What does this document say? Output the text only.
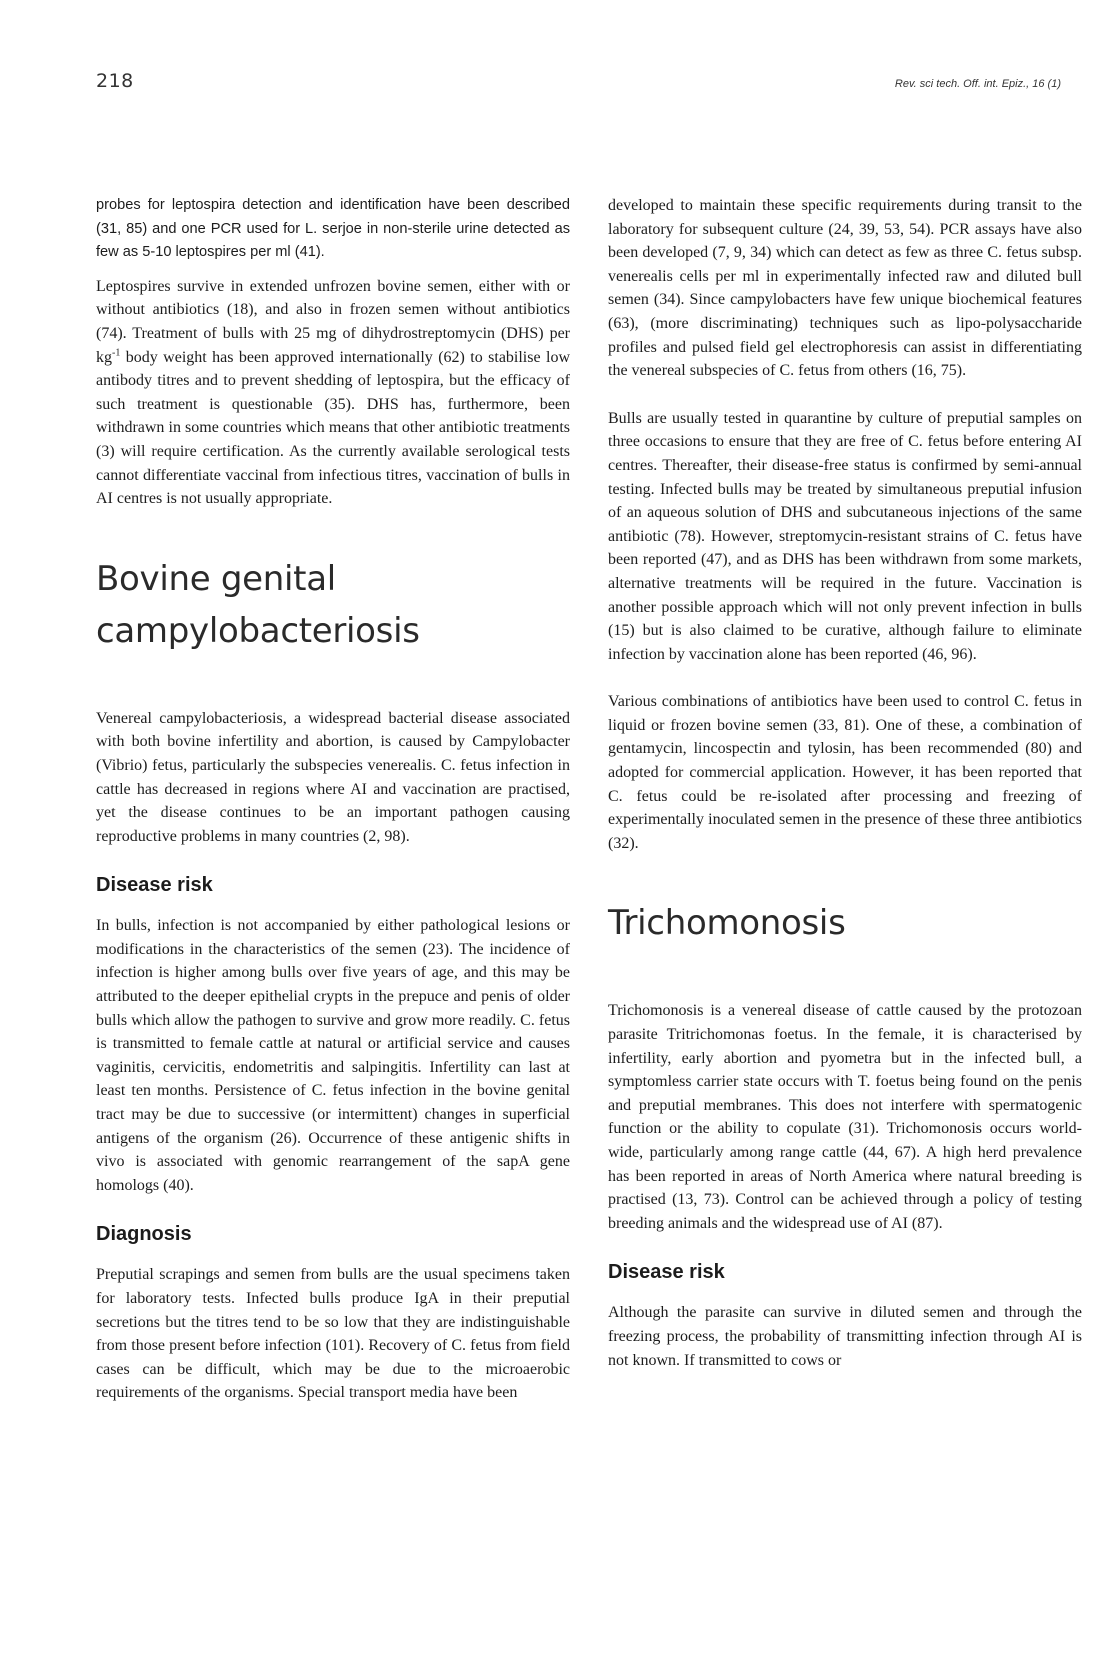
218	Rev. sci tech. Off. int. Epiz., 16 (1)

probes for leptospira detection and identification have been described (31, 85) and one PCR used for L. serjoe in non-sterile urine detected as few as 5-10 leptospires per ml (41).

Leptospires survive in extended unfrozen bovine semen, either with or without antibiotics (18), and also in frozen semen without antibiotics (74). Treatment of bulls with 25 mg of dihydrostreptomycin (DHS) per $kg^{-1}$ body weight has been approved internationally (62) to stabilise low antibody titres and to prevent shedding of leptospira, but the efficacy of such treatment is questionable (35). DHS has, furthermore, been withdrawn in some countries which means that other antibiotic treatments (3) will require certification. As the currently available serological tests cannot differentiate vaccinal from infectious titres, vaccination of bulls in AI centres is not usually appropriate.

Bovine genital campylobacteriosis

Venereal campylobacteriosis, a widespread bacterial disease associated with both bovine infertility and abortion, is caused by Campylobacter (Vibrio) fetus, particularly the subspecies venerealis. C. fetus infection in cattle has decreased in regions where AI and vaccination are practised, yet the disease continues to be an important pathogen causing reproductive problems in many countries (2, 98).

Disease risk

In bulls, infection is not accompanied by either pathological lesions or modifications in the characteristics of the semen (23). The incidence of infection is higher among bulls over five years of age, and this may be attributed to the deeper epithelial crypts in the prepuce and penis of older bulls which allow the pathogen to survive and grow more readily. C. fetus is transmitted to female cattle at natural or artificial service and causes vaginitis, cervicitis, endometritis and salpingitis. Infertility can last at least ten months. Persistence of C. fetus infection in the bovine genital tract may be due to successive (or intermittent) changes in superficial antigens of the organism (26). Occurrence of these antigenic shifts in vivo is associated with genomic rearrangement of the sapA gene homologs (40).

Diagnosis

Preputial scrapings and semen from bulls are the usual specimens taken for laboratory tests. Infected bulls produce IgA in their preputial secretions but the titres tend to be so low that they are indistinguishable from those present before infection (101). Recovery of C. fetus from field cases can be difficult, which may be due to the microaerobic requirements of the organisms. Special transport media have been

developed to maintain these specific requirements during transit to the laboratory for subsequent culture (24, 39, 53, 54). PCR assays have also been developed (7, 9, 34) which can detect as few as three C. fetus subsp. venerealis cells per ml in experimentally infected raw and diluted bull semen (34). Since campylobacters have few unique biochemical features (63), (more discriminating) techniques such as lipo-polysaccharide profiles and pulsed field gel electrophoresis can assist in differentiating the venereal subspecies of C. fetus from others (16, 75).

Bulls are usually tested in quarantine by culture of preputial samples on three occasions to ensure that they are free of C. fetus before entering AI centres. Thereafter, their disease-free status is confirmed by semi-annual testing. Infected bulls may be treated by simultaneous preputial infusion of an aqueous solution of DHS and subcutaneous injections of the same antibiotic (78). However, streptomycin-resistant strains of C. fetus have been reported (47), and as DHS has been withdrawn from some markets, alternative treatments will be required in the future. Vaccination is another possible approach which will not only prevent infection in bulls (15) but is also claimed to be curative, although failure to eliminate infection by vaccination alone has been reported (46, 96).

Various combinations of antibiotics have been used to control C. fetus in liquid or frozen bovine semen (33, 81). One of these, a combination of gentamycin, lincospectin and tylosin, has been recommended (80) and adopted for commercial application. However, it has been reported that C. fetus could be re-isolated after processing and freezing of experimentally inoculated semen in the presence of these three antibiotics (32).

Trichomonosis

Trichomonosis is a venereal disease of cattle caused by the protozoan parasite Tritrichomonas foetus. In the female, it is characterised by infertility, early abortion and pyometra but in the infected bull, a symptomless carrier state occurs with T. foetus being found on the penis and preputial membranes. This does not interfere with spermatogenic function or the ability to copulate (31). Trichomonosis occurs world-wide, particularly among range cattle (44, 67). A high herd prevalence has been reported in areas of North America where natural breeding is practised (13, 73). Control can be achieved through a policy of testing breeding animals and the widespread use of AI (87).

Disease risk

Although the parasite can survive in diluted semen and through the freezing process, the probability of transmitting infection through AI is not known. If transmitted to cows or
